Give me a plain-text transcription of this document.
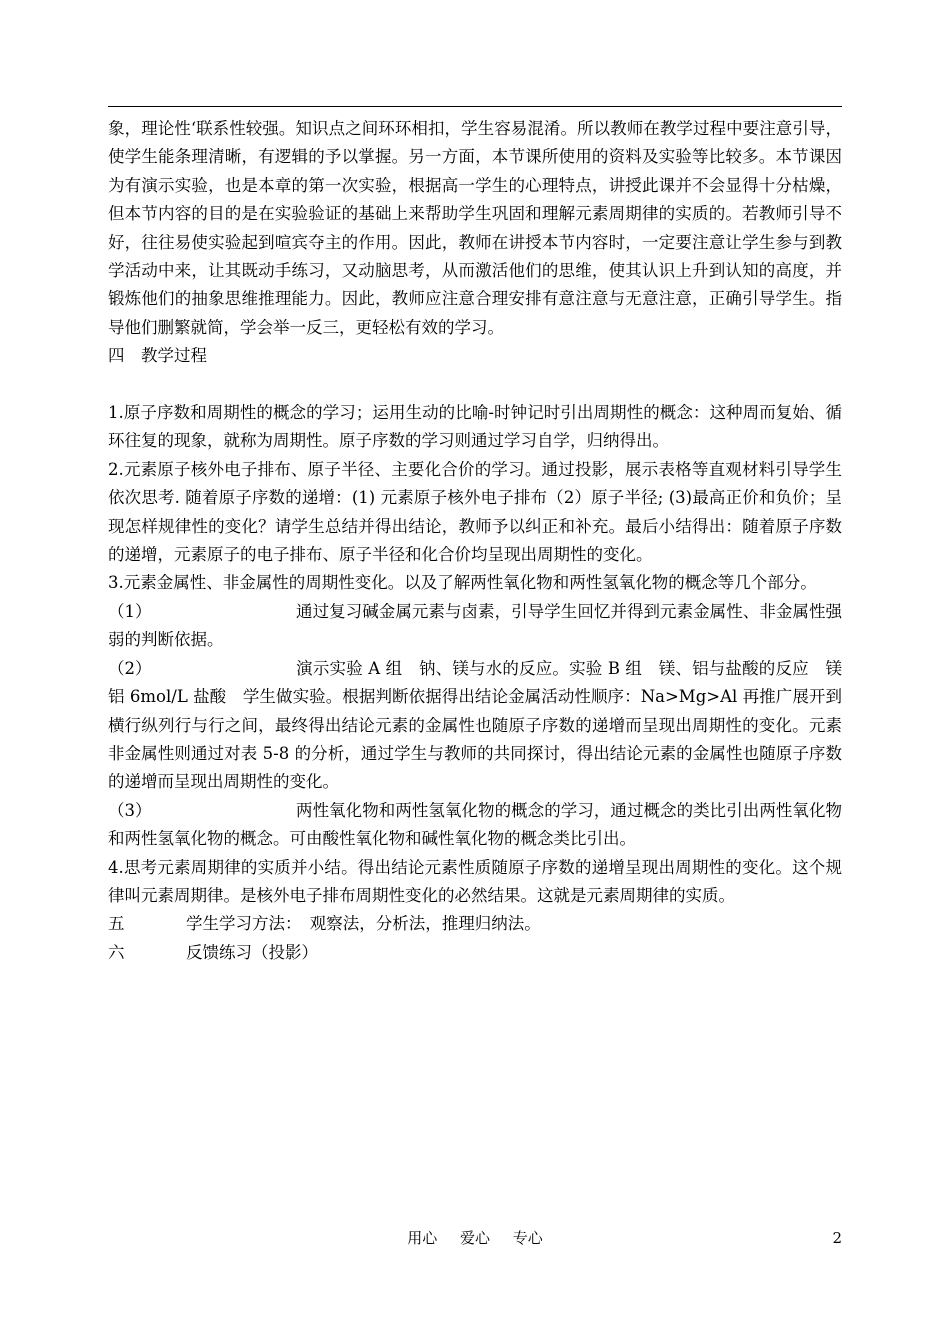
象，理论性‘联系性较强。知识点之间环环相扣，学生容易混淆。所以教师在教学过程中要注意引导，使学生能条理清晰，有逻辑的予以掌握。另一方面，本节课所使用的资料及实验等比较多。本节课因为有演示实验，也是本章的第一次实验，根据高一学生的心理特点，讲授此课并不会显得十分枯燥，但本节内容的目的是在实验验证的基础上来帮助学生巩固和理解元素周期律的实质的。若教师引导不好，往往易使实验起到喧宾夺主的作用。因此，教师在讲授本节内容时，一定要注意让学生参与到教学活动中来，让其既动手练习，又动脑思考，从而激活他们的思维，使其认识上升到认知的高度，并锻炼他们的抽象思维推理能力。因此，教师应注意合理安排有意注意与无意注意，正确引导学生。指导他们删繁就简，学会举一反三，更轻松有效的学习。

四　教学过程

1.原子序数和周期性的概念的学习；运用生动的比喻-时钟记时引出周期性的概念：这种周而复始、循环往复的现象，就称为周期性。原子序数的学习则通过学习自学，归纳得出。

2.元素原子核外电子排布、原子半径、主要化合价的学习。通过投影，展示表格等直观材料引导学生依次思考. 随着原子序数的递增：(1) 元素原子核外电子排布（2）原子半径; (3)最高正价和负价；呈现怎样规律性的变化？请学生总结并得出结论，教师予以纠正和补充。最后小结得出：随着原子序数的递增，元素原子的电子排布、原子半径和化合价均呈现出周期性的变化。

3.元素金属性、非金属性的周期性变化。以及了解两性氧化物和两性氢氧化物的概念等几个部分。

（1）	通过复习碱金属元素与卤素，引导学生回忆并得到元素金属性、非金属性强弱的判断依据。

（2）	演示实验 A 组　钠、镁与水的反应。实验 B 组　镁、铝与盐酸的反应　镁　铝 6mol/L 盐酸　学生做实验。根据判断依据得出结论金属活动性顺序：Na>Mg>Al 再推广展开到横行纵列行与行之间，最终得出结论元素的金属性也随原子序数的递增而呈现出周期性的变化。元素非金属性则通过对表 5-8 的分析，通过学生与教师的共同探讨，得出结论元素的金属性也随原子序数的递增而呈现出周期性的变化。

（3）	两性氧化物和两性氢氧化物的概念的学习，通过概念的类比引出两性氧化物和两性氢氧化物的概念。可由酸性氧化物和碱性氧化物的概念类比引出。

4.思考元素周期律的实质并小结。得出结论元素性质随原子序数的递增呈现出周期性的变化。这个规律叫元素周期律。是核外电子排布周期性变化的必然结果。这就是元素周期律的实质。

五	学生学习方法：　观察法，分析法，推理归纳法。

六	反馈练习（投影）

用心 爱心 专心	2
